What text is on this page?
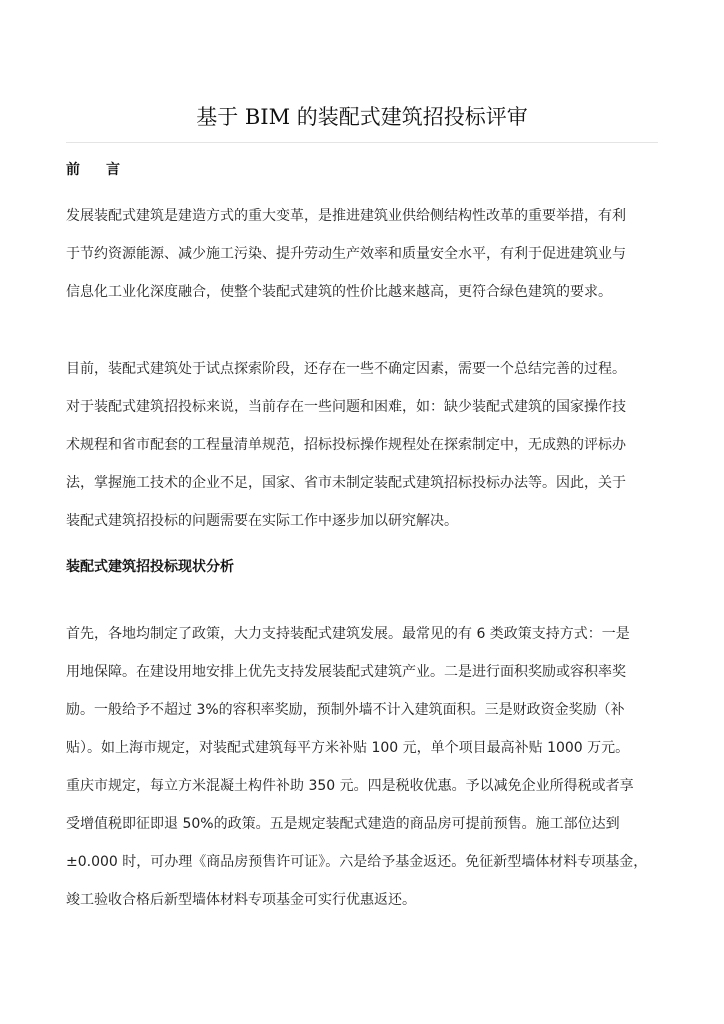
基于 BIM 的装配式建筑招投标评审
前 言

发展装配式建筑是建造方式的重大变革，是推进建筑业供给侧结构性改革的重要举措，有利
于节约资源能源、减少施工污染、提升劳动生产效率和质量安全水平，有利于促进建筑业与
信息化工业化深度融合，使整个装配式建筑的性价比越来越高，更符合绿色建筑的要求。

目前，装配式建筑处于试点探索阶段，还存在一些不确定因素，需要一个总结完善的过程。
对于装配式建筑招投标来说，当前存在一些问题和困难，如：缺少装配式建筑的国家操作技
术规程和省市配套的工程量清单规范，招标投标操作规程处在探索制定中，无成熟的评标办
法，掌握施工技术的企业不足，国家、省市未制定装配式建筑招标投标办法等。因此，关于
装配式建筑招投标的问题需要在实际工作中逐步加以研究解决。

装配式建筑招投标现状分析

首先，各地均制定了政策，大力支持装配式建筑发展。最常见的有 6 类政策支持方式：一是
用地保障。在建设用地安排上优先支持发展装配式建筑产业。二是进行面积奖励或容积率奖
励。一般给予不超过 3%的容积率奖励，预制外墙不计入建筑面积。三是财政资金奖励（补
贴）。如上海市规定，对装配式建筑每平方米补贴 100 元，单个项目最高补贴 1000 万元。
重庆市规定，每立方米混凝土构件补助 350 元。四是税收优惠。予以减免企业所得税或者享
受增值税即征即退 50%的政策。五是规定装配式建造的商品房可提前预售。施工部位达到
±0.000 时，可办理《商品房预售许可证》。六是给予基金返还。免征新型墙体材料专项基金，
竣工验收合格后新型墙体材料专项基金可实行优惠返还。
